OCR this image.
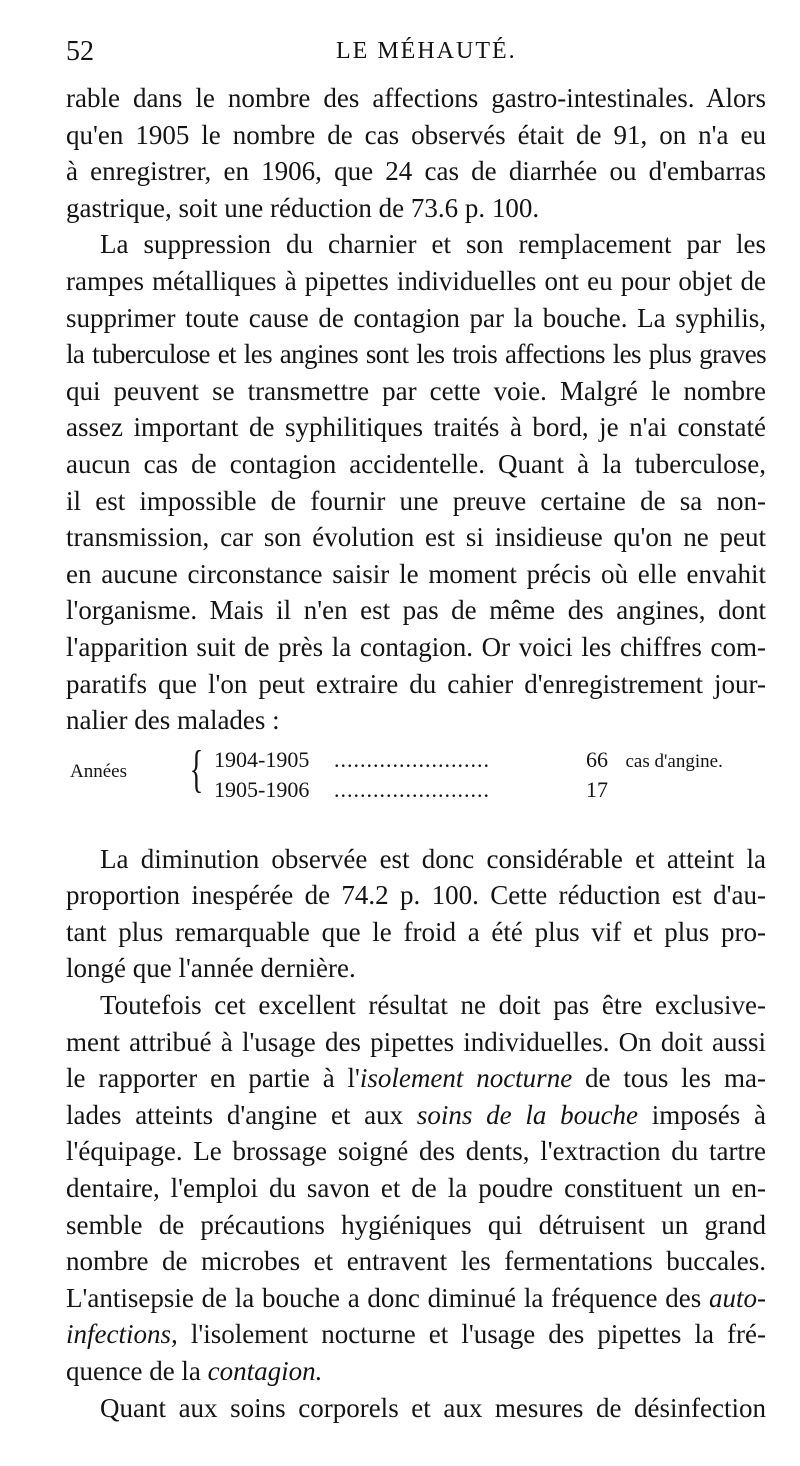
52	LE MÉHAUTÉ.

rable dans le nombre des affections gastro-intestinales. Alors
qu'en 1905 le nombre de cas observés était de 91, on n'a eu
à enregistrer, en 1906, que 24 cas de diarrhée ou d'embarras
gastrique, soit une réduction de 73.6 p. 100.

La suppression du charnier et son remplacement par les
rampes métalliques à pipettes individuelles ont eu pour objet de
supprimer toute cause de contagion par la bouche. La syphilis,
la tuberculose et les angines sont les trois affections les plus graves
qui peuvent se transmettre par cette voie. Malgré le nombre
assez important de syphilitiques traités à bord, je n'ai constaté
aucun cas de contagion accidentelle. Quant à la tuberculose,
il est impossible de fournir une preuve certaine de sa non-
transmission, car son évolution est si insidieuse qu'on ne peut
en aucune circonstance saisir le moment précis où elle envahit
l'organisme. Mais il n'en est pas de même des angines, dont
l'apparition suit de près la contagion. Or voici les chiffres com-
paratifs que l'on peut extraire du cahier d'enregistrement jour-
nalier des malades :

Années { 1904-1905 ........................	66 cas d'angine.
1905-1906 ........................	17

La diminution observée est donc considérable et atteint la
proportion inespérée de 74.2 p. 100. Cette réduction est d'au-
tant plus remarquable que le froid a été plus vif et plus pro-
longé que l'année dernière.

Toutefois cet excellent résultat ne doit pas être exclusive-
ment attribué à l'usage des pipettes individuelles. On doit aussi
le rapporter en partie à l'isolement nocturne de tous les ma-
lades atteints d'angine et aux soins de la bouche imposés à
l'équipage. Le brossage soigné des dents, l'extraction du tartre
dentaire, l'emploi du savon et de la poudre constituent un en-
semble de précautions hygiéniques qui détruisent un grand
nombre de microbes et entravent les fermentations buccales.
L'antisepsie de la bouche a donc diminué la fréquence des auto-
infections, l'isolement nocturne et l'usage des pipettes la fré-
quence de la contagion.

Quant aux soins corporels et aux mesures de désinfection
